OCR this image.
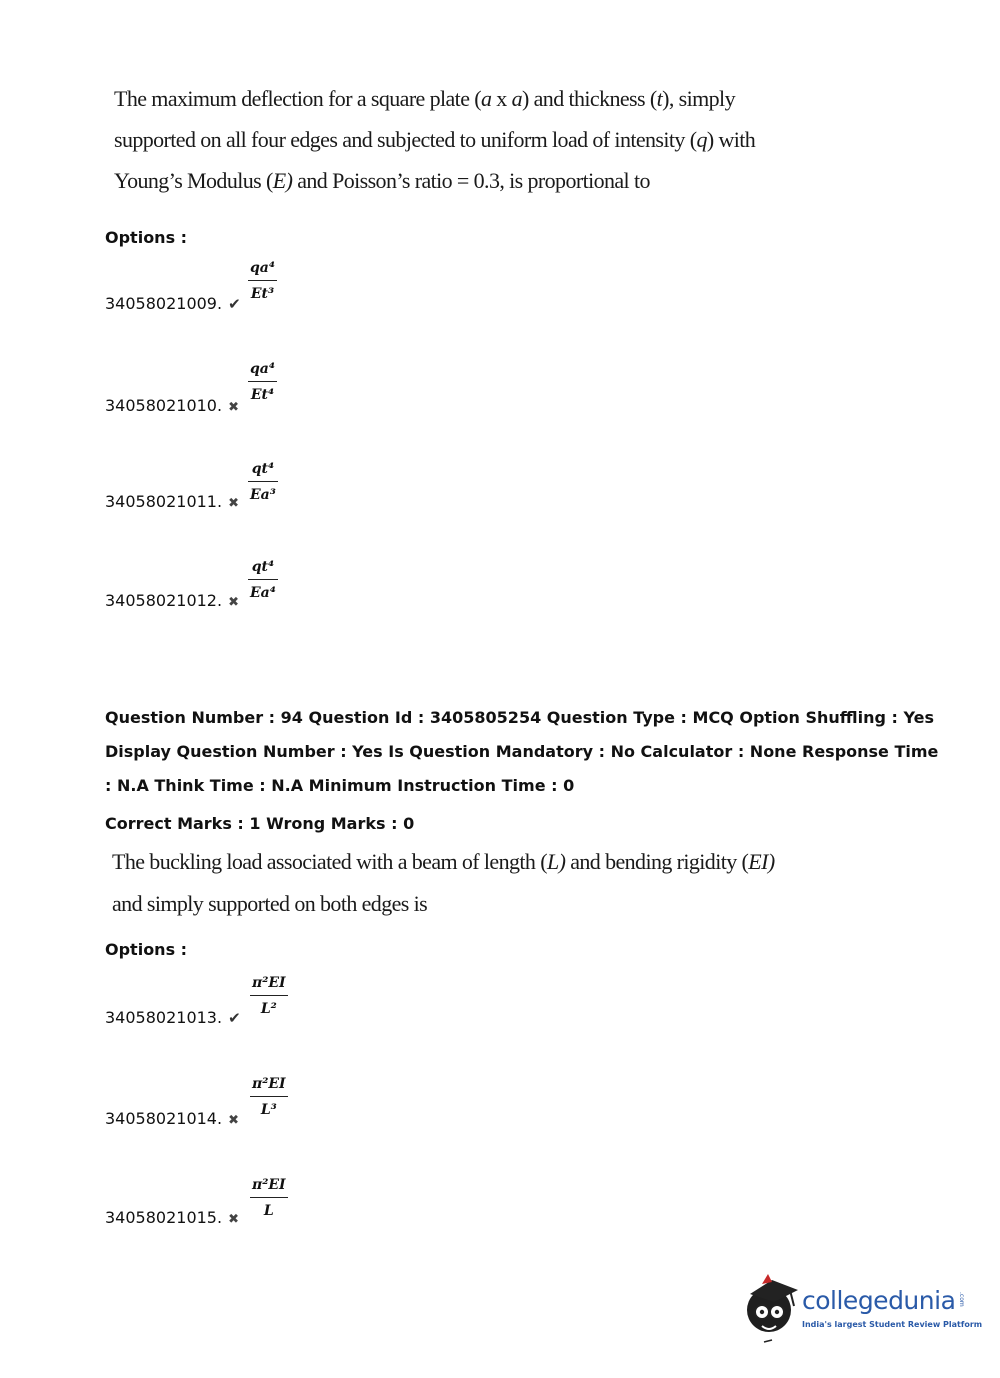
The maximum deflection for a square plate (a x a) and thickness (t), simply
supported on all four edges and subjected to uniform load of intensity (q) with
Young’s Modulus (E) and Poisson’s ratio = 0.3, is proportional to
Options :
34058021009. ✔
qa⁴
Et³
34058021010. ✖
qa⁴
Et⁴
34058021011. ✖
qt⁴
Ea³
34058021012. ✖
qt⁴
Ea⁴
Question Number : 94 Question Id : 3405805254 Question Type : MCQ Option Shuffling : Yes
Display Question Number : Yes Is Question Mandatory : No Calculator : None Response Time
: N.A Think Time : N.A Minimum Instruction Time : 0
Correct Marks : 1 Wrong Marks : 0
The buckling load associated with a beam of length (L) and bending rigidity (EI)
and simply supported on both edges is
Options :
34058021013. ✔
π²EI
L²
34058021014. ✖
π²EI
L³
34058021015. ✖
π²EI
L
collegedunia .com
India's largest Student Review Platform
